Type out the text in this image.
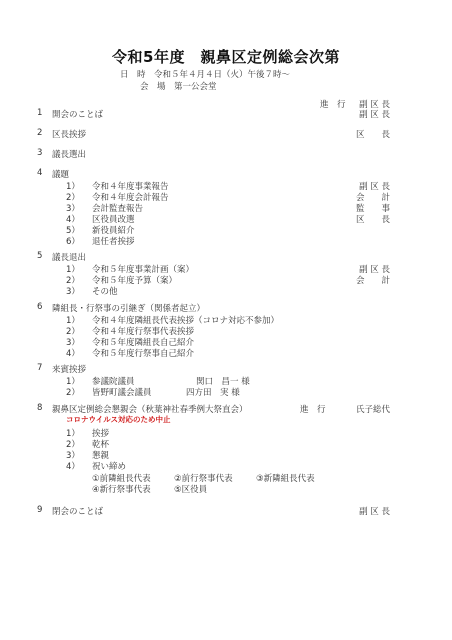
令和5年度　親鼻区定例総会次第
日　時　令和５年４月４日（火）午後７時～
会　場　第一公会堂
進　行	副 区 長
1 開会のことば	副 区 長
2 区長挨拶	区　　長
3 議長選出
4 議題
1） 令和４年度事業報告	副 区 長
2） 令和４年度会計報告	会　　計
3） 会計監査報告	監　　事
4） 区役員改選	区　　長
5） 新役員紹介
6） 退任者挨拶
5 議長退出
1） 令和５年度事業計画（案）	副 区 長
2） 令和５年度予算（案）	会　　計
3） その他
6 隣組長・行祭事の引継ぎ（関係者起立）
1） 令和４年度隣組長代表挨拶（コロナ対応不参加）
2） 令和４年度行祭事代表挨拶
3） 令和５年度隣組長自己紹介
4） 令和５年度行祭事自己紹介
7 来賓挨拶
1） 参議院議員	関口　昌一 様
2） 皆野町議会議員	四方田　実 様
8 親鼻区定例総会懇親会（秋葉神社春季例大祭直会）	進　行	氏子総代
コロナウイルス対応のため中止
1） 挨拶
2） 乾杯
3） 懇親
4） 祝い締め
①前隣組長代表	②前行祭事代表	③新隣組長代表
④新行祭事代表	⑤区役員
9 閉会のことば	副 区 長
